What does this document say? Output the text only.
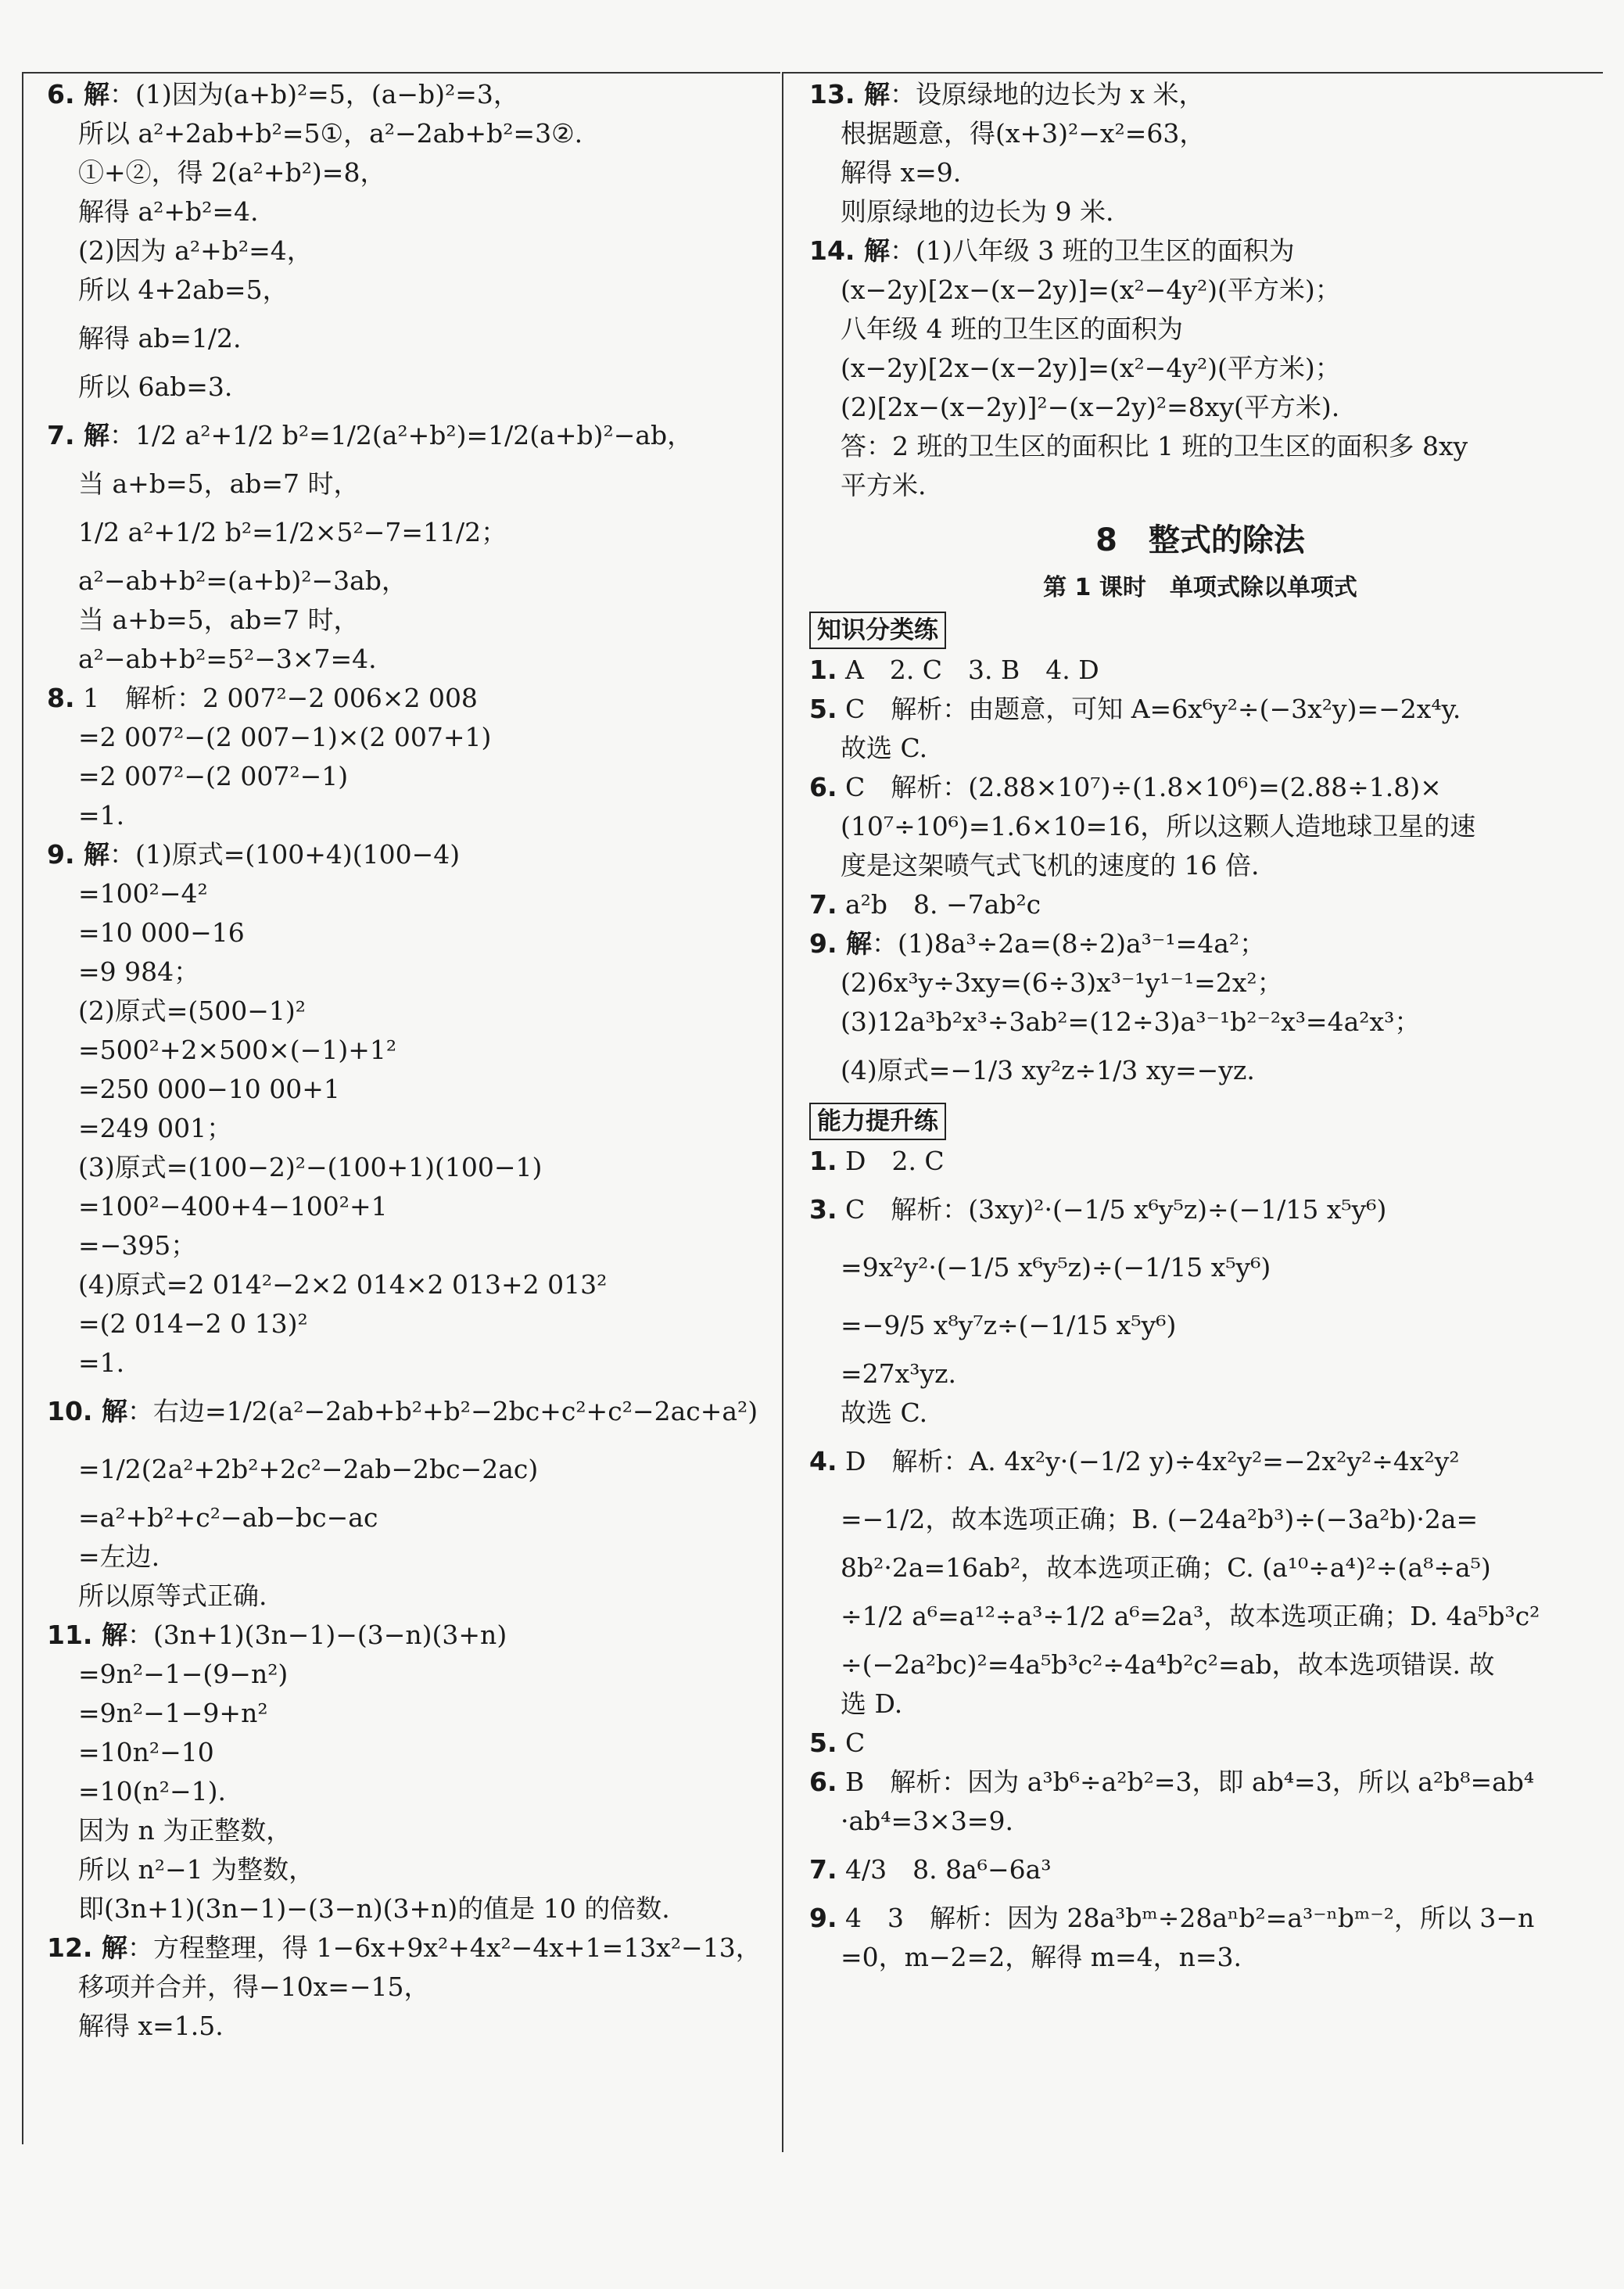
6. 解：(1)因为(a+b)²=5，(a−b)²=3，
所以 a²+2ab+b²=5①，a²−2ab+b²=3②.
①+②，得 2(a²+b²)=8，
解得 a²+b²=4.
(2)因为 a²+b²=4，
所以 4+2ab=5，
解得 ab=1/2.
所以 6ab=3.
7. 解：1/2 a²+1/2 b²=1/2(a²+b²)=1/2(a+b)²−ab，
当 a+b=5，ab=7 时，
1/2 a²+1/2 b²=1/2×5²−7=11/2；
a²−ab+b²=(a+b)²−3ab，
当 a+b=5，ab=7 时，
a²−ab+b²=5²−3×7=4.
8. 1　解析：2 007²−2 006×2 008
=2 007²−(2 007−1)×(2 007+1)
=2 007²−(2 007²−1)
=1.
9. 解：(1)原式=(100+4)(100−4)
=100²−4²
=10 000−16
=9 984；
(2)原式=(500−1)²
=500²+2×500×(−1)+1²
=250 000−10 00+1
=249 001；
(3)原式=(100−2)²−(100+1)(100−1)
=100²−400+4−100²+1
=−395；
(4)原式=2 014²−2×2 014×2 013+2 013²
=(2 014−2 0 13)²
=1.
10. 解：右边=1/2(a²−2ab+b²+b²−2bc+c²+c²−2ac+a²)
=1/2(2a²+2b²+2c²−2ab−2bc−2ac)
=a²+b²+c²−ab−bc−ac
=左边.
所以原等式正确.
11. 解：(3n+1)(3n−1)−(3−n)(3+n)
=9n²−1−(9−n²)
=9n²−1−9+n²
=10n²−10
=10(n²−1).
因为 n 为正整数，
所以 n²−1 为整数，
即(3n+1)(3n−1)−(3−n)(3+n)的值是 10 的倍数.
12. 解：方程整理，得 1−6x+9x²+4x²−4x+1=13x²−13，
移项并合并，得−10x=−15，
解得 x=1.5.
13. 解：设原绿地的边长为 x 米，
根据题意，得(x+3)²−x²=63，
解得 x=9.
则原绿地的边长为 9 米.
14. 解：(1)八年级 3 班的卫生区的面积为
(x−2y)[2x−(x−2y)]=(x²−4y²)(平方米)；
八年级 4 班的卫生区的面积为
(x−2y)[2x−(x−2y)]=(x²−4y²)(平方米)；
(2)[2x−(x−2y)]²−(x−2y)²=8xy(平方米).
答：2 班的卫生区的面积比 1 班的卫生区的面积多 8xy
平方米.
8　整式的除法
第 1 课时　单项式除以单项式
知识分类练
1. A　2. C　3. B　4. D
5. C　解析：由题意，可知 A=6x⁶y²÷(−3x²y)=−2x⁴y.
故选 C.
6. C　解析：(2.88×10⁷)÷(1.8×10⁶)=(2.88÷1.8)×
(10⁷÷10⁶)=1.6×10=16，所以这颗人造地球卫星的速
度是这架喷气式飞机的速度的 16 倍.
7. a²b　8. −7ab²c
9. 解：(1)8a³÷2a=(8÷2)a³⁻¹=4a²；
(2)6x³y÷3xy=(6÷3)x³⁻¹y¹⁻¹=2x²；
(3)12a³b²x³÷3ab²=(12÷3)a³⁻¹b²⁻²x³=4a²x³；
(4)原式=−1/3 xy²z÷1/3 xy=−yz.
能力提升练
1. D　2. C
3. C　解析：(3xy)²·(−1/5 x⁶y⁵z)÷(−1/15 x⁵y⁶)
=9x²y²·(−1/5 x⁶y⁵z)÷(−1/15 x⁵y⁶)
=−9/5 x⁸y⁷z÷(−1/15 x⁵y⁶)
=27x³yz.
故选 C.
4. D　解析：A. 4x²y·(−1/2 y)÷4x²y²=−2x²y²÷4x²y²
=−1/2，故本选项正确；B. (−24a²b³)÷(−3a²b)·2a=
8b²·2a=16ab²，故本选项正确；C. (a¹⁰÷a⁴)²÷(a⁸÷a⁵)
÷1/2 a⁶=a¹²÷a³÷1/2 a⁶=2a³，故本选项正确；D. 4a⁵b³c²
÷(−2a²bc)²=4a⁵b³c²÷4a⁴b²c²=ab，故本选项错误. 故
选 D.
5. C
6. B　解析：因为 a³b⁶÷a²b²=3，即 ab⁴=3，所以 a²b⁸=ab⁴
·ab⁴=3×3=9.
7. 4/3　8. 8a⁶−6a³
9. 4　3　解析：因为 28a³bᵐ÷28aⁿb²=a³⁻ⁿbᵐ⁻²，所以 3−n
=0，m−2=2，解得 m=4，n=3.
